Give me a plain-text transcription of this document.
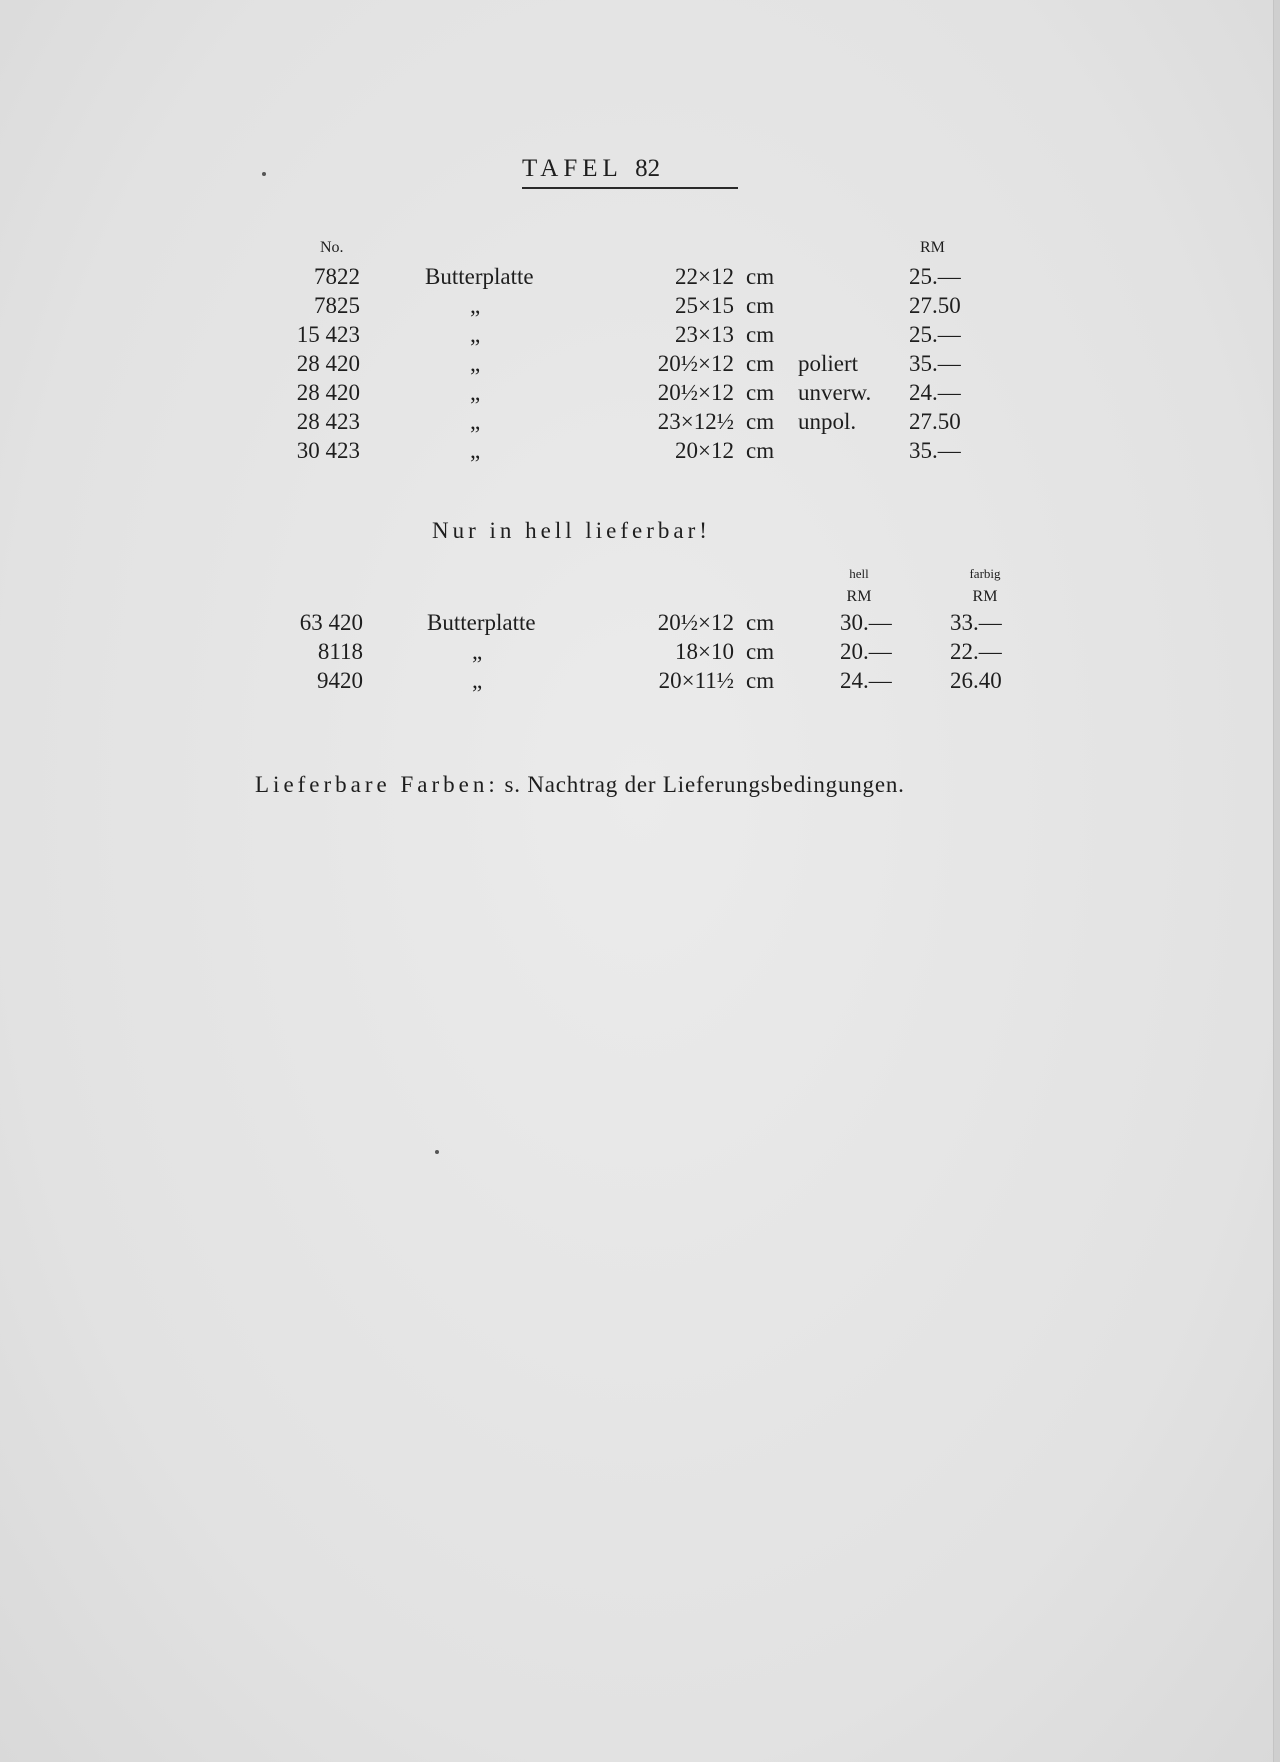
TAFEL 82
No.	RM
7822	Butterplatte	22×12 cm	25.—
7825	„	25×15 cm	27.50
15 423	„	23×13 cm	25.—
28 420	„	20½×12 cm poliert 35.—
28 420	„	20½×12 cm unverw. 24.—
28 423	„	23×12½ cm unpol. 27.50
30 423	„	20×12 cm	35.—
Nur in hell lieferbar!
hell	farbig
RM	RM
63 420	Butterplatte	20½×12 cm	30.—	33.—
8118	„	18×10 cm	20.—	22.—
9420	„	20×11½ cm	24.—	26.40
Lieferbare Farben: s. Nachtrag der Lieferungsbedingungen.
